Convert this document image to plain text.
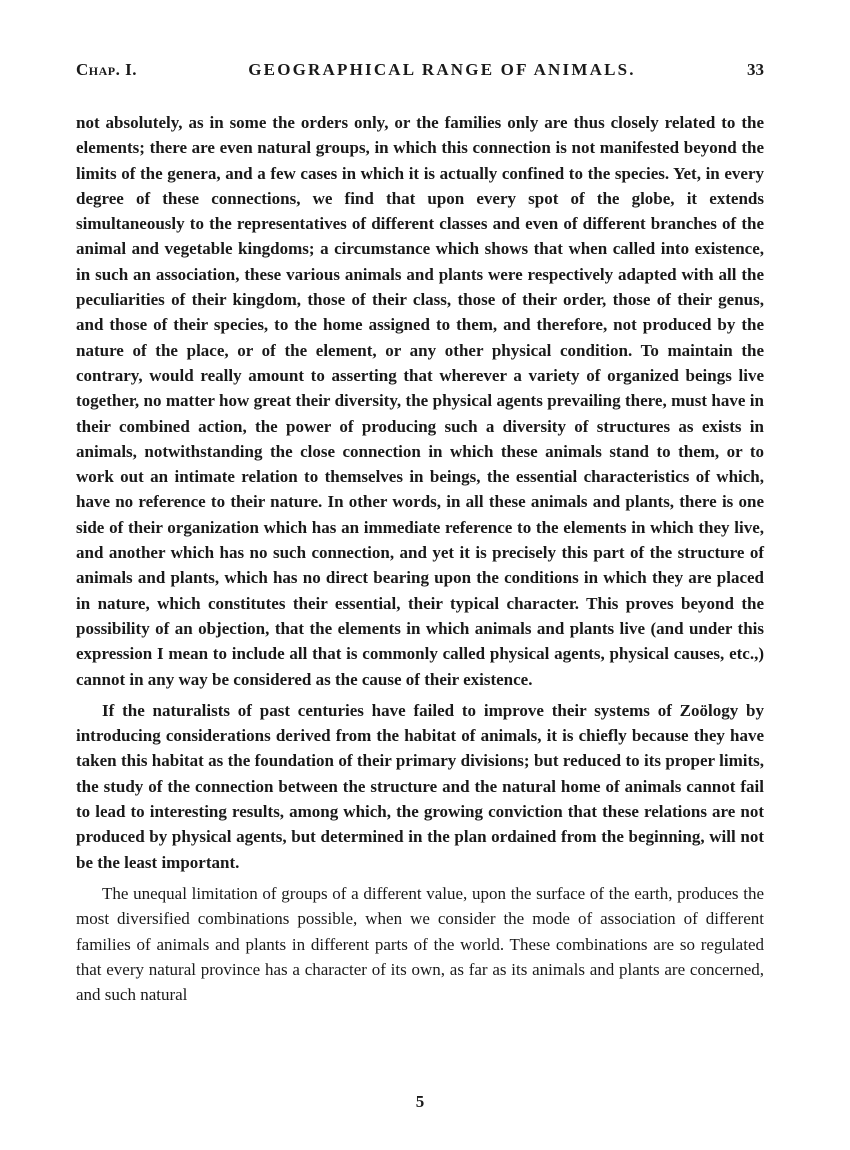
Chap. I.	GEOGRAPHICAL RANGE OF ANIMALS.	33

not absolutely, as in some the orders only, or the families only are thus closely related to the elements; there are even natural groups, in which this connection is not manifested beyond the limits of the genera, and a few cases in which it is actually confined to the species. Yet, in every degree of these connections, we find that upon every spot of the globe, it extends simultaneously to the representatives of different classes and even of different branches of the animal and vegetable kingdoms; a circumstance which shows that when called into existence, in such an association, these various animals and plants were respectively adapted with all the peculiarities of their kingdom, those of their class, those of their order, those of their genus, and those of their species, to the home assigned to them, and therefore, not produced by the nature of the place, or of the element, or any other physical condition. To maintain the contrary, would really amount to asserting that wherever a variety of organized beings live together, no matter how great their diversity, the physical agents prevailing there, must have in their combined action, the power of producing such a diversity of structures as exists in animals, notwithstanding the close connection in which these animals stand to them, or to work out an intimate relation to themselves in beings, the essential characteristics of which, have no reference to their nature. In other words, in all these animals and plants, there is one side of their organization which has an immediate reference to the elements in which they live, and another which has no such connection, and yet it is precisely this part of the structure of animals and plants, which has no direct bearing upon the conditions in which they are placed in nature, which constitutes their essential, their typical character. This proves beyond the possibility of an objection, that the elements in which animals and plants live (and under this expression I mean to include all that is commonly called physical agents, physical causes, etc.,) cannot in any way be considered as the cause of their existence.

If the naturalists of past centuries have failed to improve their systems of Zoölogy by introducing considerations derived from the habitat of animals, it is chiefly because they have taken this habitat as the foundation of their primary divisions; but reduced to its proper limits, the study of the connection between the structure and the natural home of animals cannot fail to lead to interesting results, among which, the growing conviction that these relations are not produced by physical agents, but determined in the plan ordained from the beginning, will not be the least important.

The unequal limitation of groups of a different value, upon the surface of the earth, produces the most diversified combinations possible, when we consider the mode of association of different families of animals and plants in different parts of the world. These combinations are so regulated that every natural province has a character of its own, as far as its animals and plants are concerned, and such natural

5
